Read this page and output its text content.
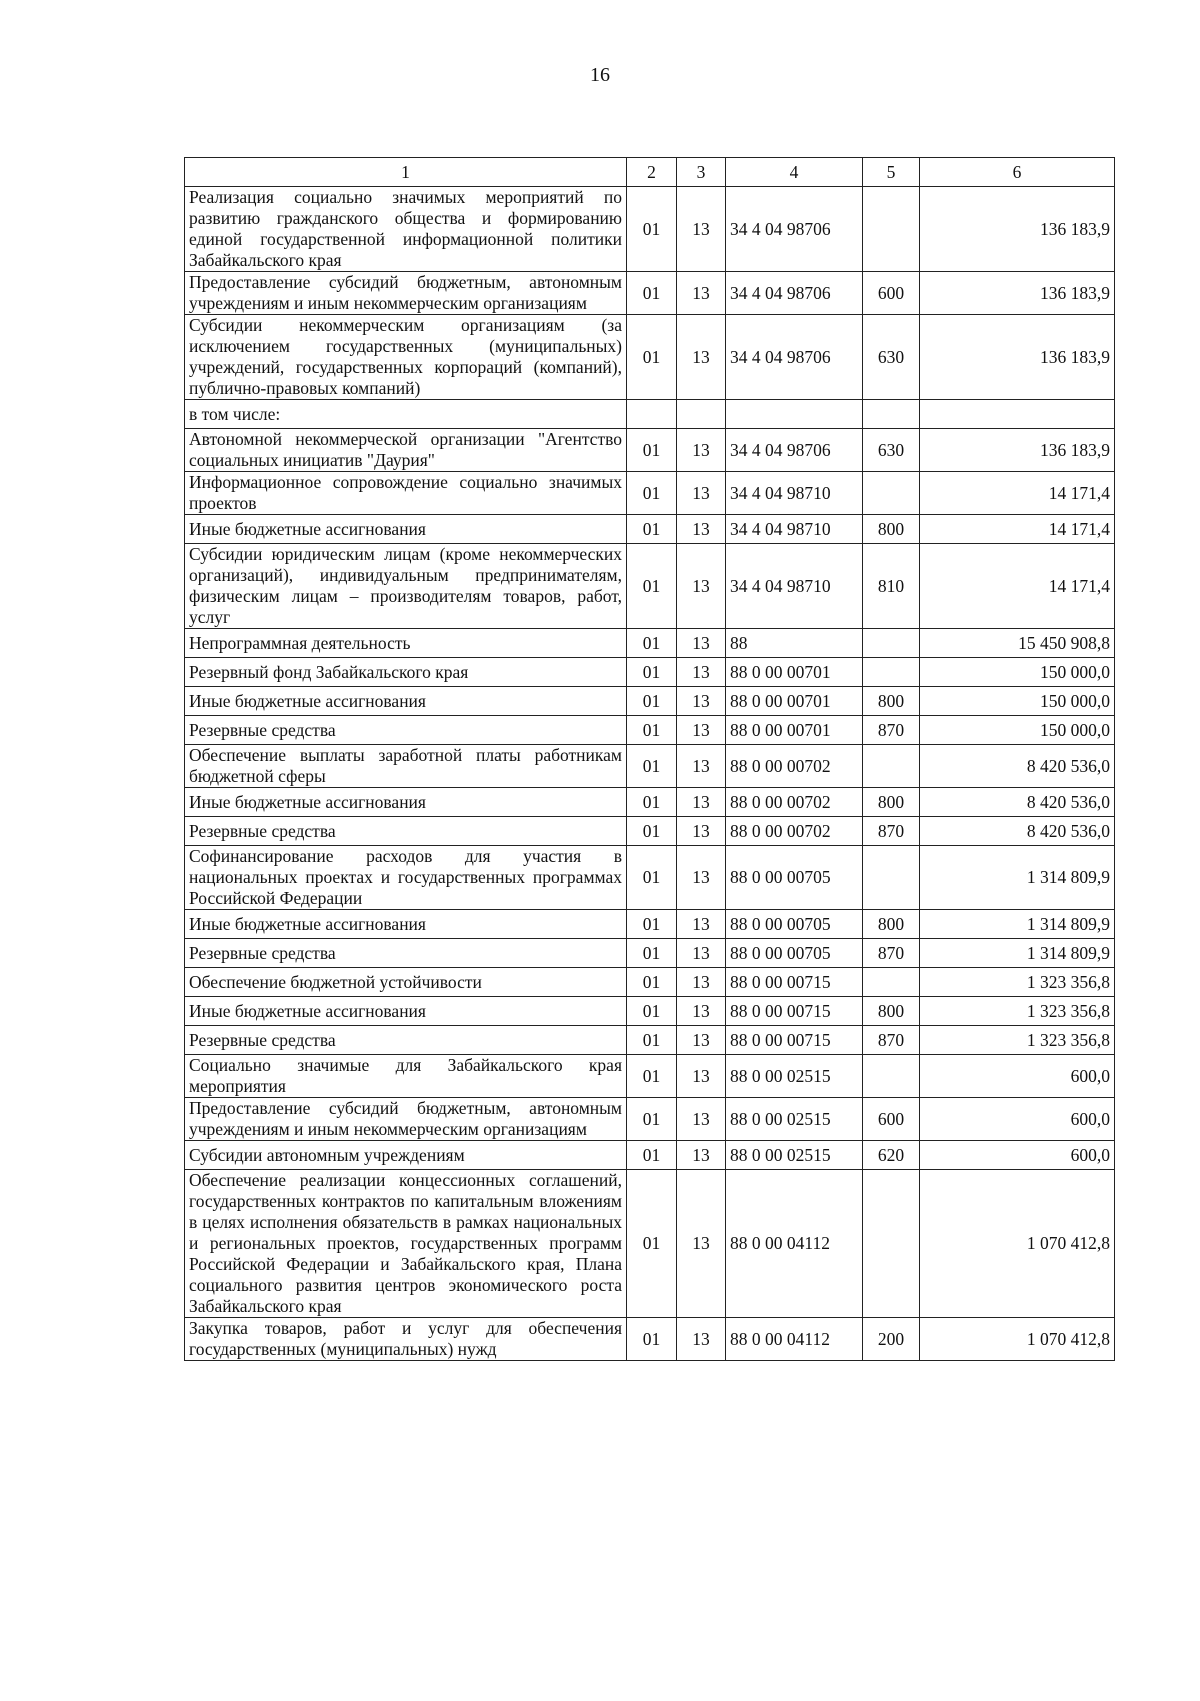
16
1	2	3	4	5	6
Реализация социально значимых мероприятий по развитию гражданского общества и формированию единой государственной информационной политики Забайкальского края	01	13	34 4 04 98706		136 183,9
Предоставление субсидий бюджетным, автономным учреждениям и иным некоммерческим организациям	01	13	34 4 04 98706	600	136 183,9
Субсидии некоммерческим организациям (за исключением государственных (муниципальных) учреждений, государственных корпораций (компаний), публично-правовых компаний)	01	13	34 4 04 98706	630	136 183,9
в том числе:					
Автономной некоммерческой организации "Агентство социальных инициатив "Даурия"	01	13	34 4 04 98706	630	136 183,9
Информационное сопровождение социально значимых проектов	01	13	34 4 04 98710		14 171,4
Иные бюджетные ассигнования	01	13	34 4 04 98710	800	14 171,4
Субсидии юридическим лицам (кроме некоммерческих организаций), индивидуальным предпринимателям, физическим лицам – производителям товаров, работ, услуг	01	13	34 4 04 98710	810	14 171,4
Непрограммная деятельность	01	13	88		15 450 908,8
Резервный фонд Забайкальского края	01	13	88 0 00 00701		150 000,0
Иные бюджетные ассигнования	01	13	88 0 00 00701	800	150 000,0
Резервные средства	01	13	88 0 00 00701	870	150 000,0
Обеспечение выплаты заработной платы работникам бюджетной сферы	01	13	88 0 00 00702		8 420 536,0
Иные бюджетные ассигнования	01	13	88 0 00 00702	800	8 420 536,0
Резервные средства	01	13	88 0 00 00702	870	8 420 536,0
Софинансирование расходов для участия в национальных проектах и государственных программах Российской Федерации	01	13	88 0 00 00705		1 314 809,9
Иные бюджетные ассигнования	01	13	88 0 00 00705	800	1 314 809,9
Резервные средства	01	13	88 0 00 00705	870	1 314 809,9
Обеспечение бюджетной устойчивости	01	13	88 0 00 00715		1 323 356,8
Иные бюджетные ассигнования	01	13	88 0 00 00715	800	1 323 356,8
Резервные средства	01	13	88 0 00 00715	870	1 323 356,8
Социально значимые для Забайкальского края мероприятия	01	13	88 0 00 02515		600,0
Предоставление субсидий бюджетным, автономным учреждениям и иным некоммерческим организациям	01	13	88 0 00 02515	600	600,0
Субсидии автономным учреждениям	01	13	88 0 00 02515	620	600,0
Обеспечение реализации концессионных соглашений, государственных контрактов по капитальным вложениям в целях исполнения обязательств в рамках национальных и региональных проектов, государственных программ Российской Федерации и Забайкальского края, Плана социального развития центров экономического роста Забайкальского края	01	13	88 0 00 04112		1 070 412,8
Закупка товаров, работ и услуг для обеспечения государственных (муниципальных) нужд	01	13	88 0 00 04112	200	1 070 412,8
